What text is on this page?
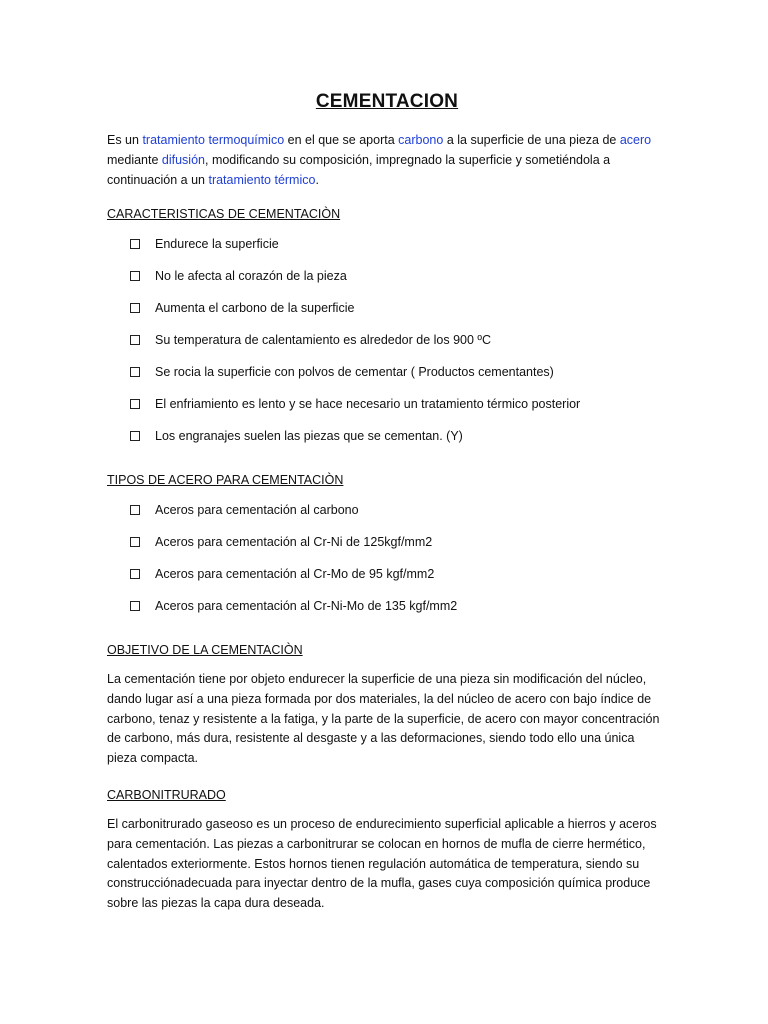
CEMENTACION

Es un tratamiento termoquímico en el que se aporta carbono a la superficie de una pieza de acero mediante difusión, modificando su composición, impregnado la superficie y sometiéndola a continuación a un tratamiento térmico.

CARACTERISTICAS DE CEMENTACIÒN
Endurece la superficie
No le afecta al corazón de la pieza
Aumenta el carbono de la superficie
Su temperatura de calentamiento es alrededor de los 900 ºC
Se rocia la superficie con polvos de cementar ( Productos cementantes)
El enfriamiento es lento y se hace necesario un tratamiento térmico posterior
Los engranajes suelen las piezas que se cementan. (Y)
TIPOS DE ACERO PARA CEMENTACIÒN
Aceros para cementación al carbono
Aceros para cementación al Cr-Ni de 125kgf/mm2
Aceros para cementación al Cr-Mo de 95 kgf/mm2
Aceros para cementación al Cr-Ni-Mo de 135 kgf/mm2
OBJETIVO DE LA CEMENTACIÒN

La cementación tiene por objeto endurecer la superficie de una pieza sin modificación del núcleo, dando lugar así a una pieza formada por dos materiales, la del núcleo de acero con bajo índice de carbono, tenaz y resistente a la fatiga, y la parte de la superficie, de acero con mayor concentración de carbono, más dura, resistente al desgaste y a las deformaciones, siendo todo ello una única pieza compacta.

CARBONITRURADO

El carbonitrurado gaseoso es un proceso de endurecimiento superficial aplicable a hierros y aceros para cementación. Las piezas a carbonitrurar se colocan en hornos de mufla de cierre hermético, calentados exteriormente. Estos hornos tienen regulación automática de temperatura, siendo su construcciónadecuada para inyectar dentro de la mufla, gases cuya composición química produce sobre las piezas la capa dura deseada.
